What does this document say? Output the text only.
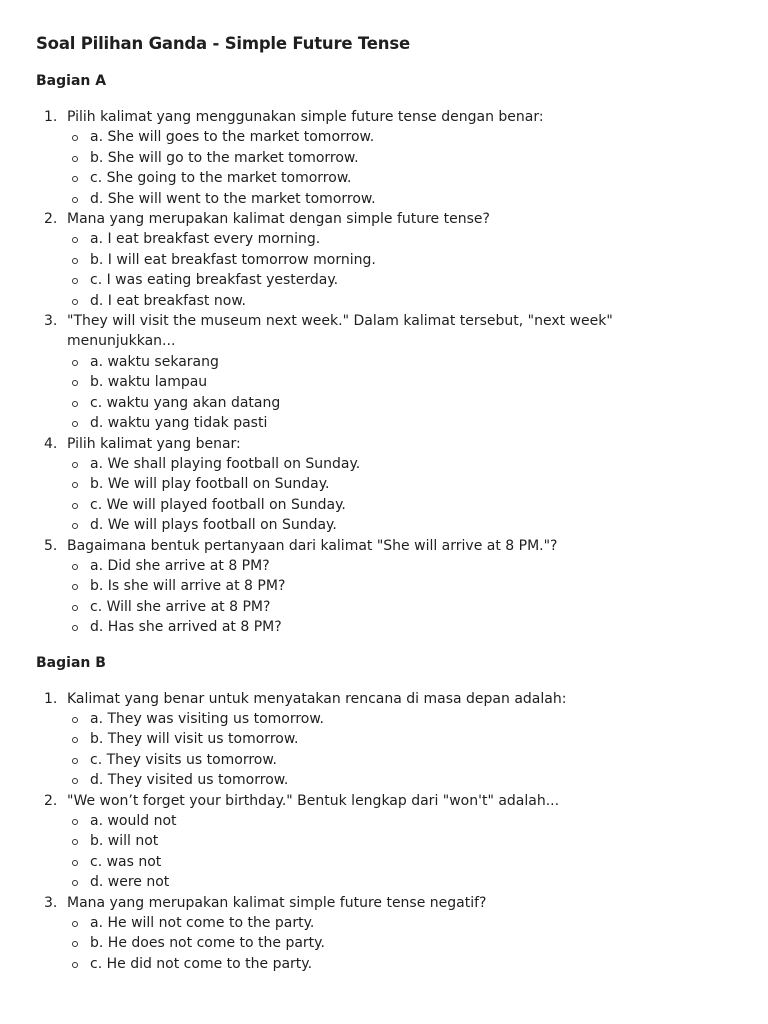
Soal Pilihan Ganda - Simple Future Tense
Bagian A
1. Pilih kalimat yang menggunakan simple future tense dengan benar:
a. She will goes to the market tomorrow.
b. She will go to the market tomorrow.
c. She going to the market tomorrow.
d. She will went to the market tomorrow.
2. Mana yang merupakan kalimat dengan simple future tense?
a. I eat breakfast every morning.
b. I will eat breakfast tomorrow morning.
c. I was eating breakfast yesterday.
d. I eat breakfast now.
3. "They will visit the museum next week." Dalam kalimat tersebut, "next week" menunjukkan...
a. waktu sekarang
b. waktu lampau
c. waktu yang akan datang
d. waktu yang tidak pasti
4. Pilih kalimat yang benar:
a. We shall playing football on Sunday.
b. We will play football on Sunday.
c. We will played football on Sunday.
d. We will plays football on Sunday.
5. Bagaimana bentuk pertanyaan dari kalimat "She will arrive at 8 PM."?
a. Did she arrive at 8 PM?
b. Is she will arrive at 8 PM?
c. Will she arrive at 8 PM?
d. Has she arrived at 8 PM?
Bagian B
1. Kalimat yang benar untuk menyatakan rencana di masa depan adalah:
a. They was visiting us tomorrow.
b. They will visit us tomorrow.
c. They visits us tomorrow.
d. They visited us tomorrow.
2. "We won’t forget your birthday." Bentuk lengkap dari "won't" adalah...
a. would not
b. will not
c. was not
d. were not
3. Mana yang merupakan kalimat simple future tense negatif?
a. He will not come to the party.
b. He does not come to the party.
c. He did not come to the party.
